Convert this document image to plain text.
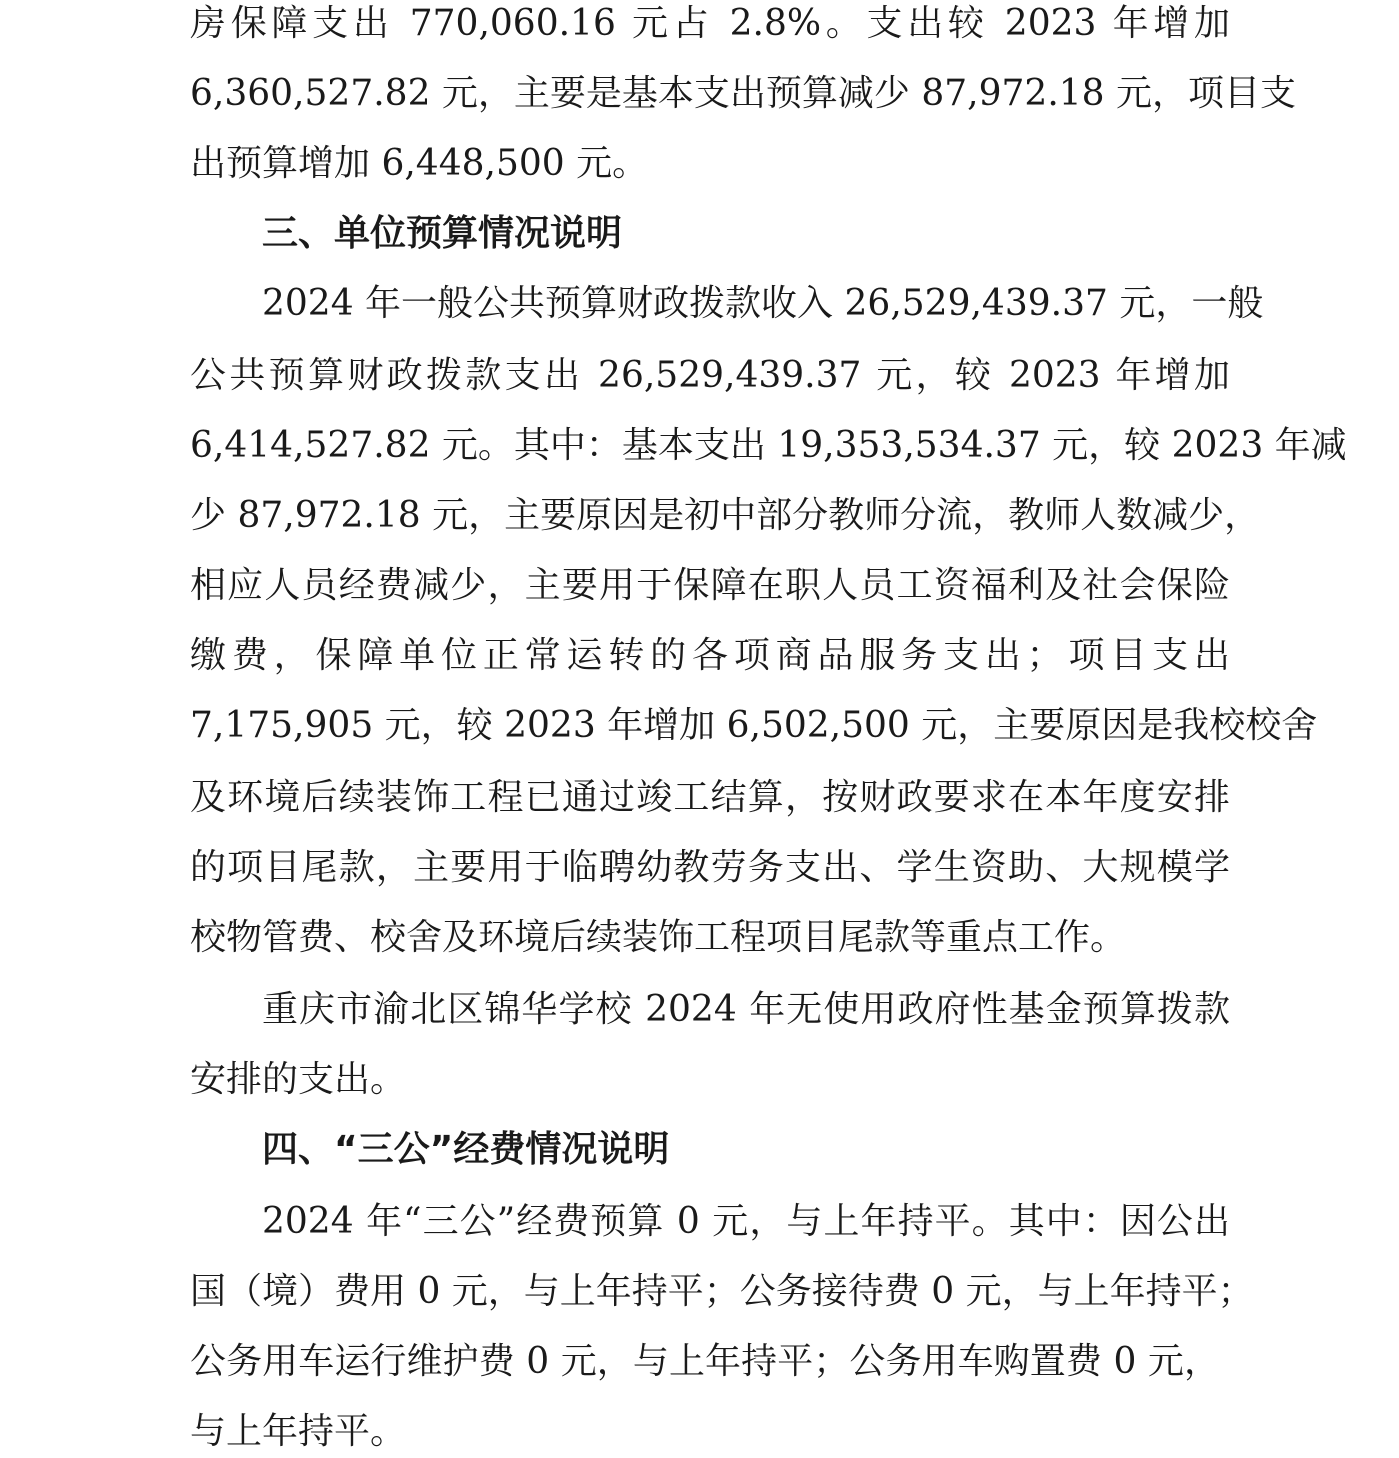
房保障支出 770,060.16 元占 2.8%。支出较 2023 年增加
6,360,527.82 元，主要是基本支出预算减少 87,972.18 元，项目支
出预算增加 6,448,500 元。
三、单位预算情况说明
2024 年一般公共预算财政拨款收入 26,529,439.37 元，一般
公共预算财政拨款支出 26,529,439.37 元，较 2023 年增加
6,414,527.82 元。其中：基本支出 19,353,534.37 元，较 2023 年减
少 87,972.18 元，主要原因是初中部分教师分流，教师人数减少，
相应人员经费减少，主要用于保障在职人员工资福利及社会保险
缴费，保障单位正常运转的各项商品服务支出；项目支出
7,175,905 元，较 2023 年增加 6,502,500 元，主要原因是我校校舍
及环境后续装饰工程已通过竣工结算，按财政要求在本年度安排
的项目尾款，主要用于临聘幼教劳务支出、学生资助、大规模学
校物管费、校舍及环境后续装饰工程项目尾款等重点工作。
重庆市渝北区锦华学校 2024 年无使用政府性基金预算拨款
安排的支出。
四、“三公”经费情况说明
2024 年“三公”经费预算 0 元，与上年持平。其中：因公出
国（境）费用 0 元，与上年持平；公务接待费 0 元，与上年持平；
公务用车运行维护费 0 元，与上年持平；公务用车购置费 0 元，
与上年持平。
